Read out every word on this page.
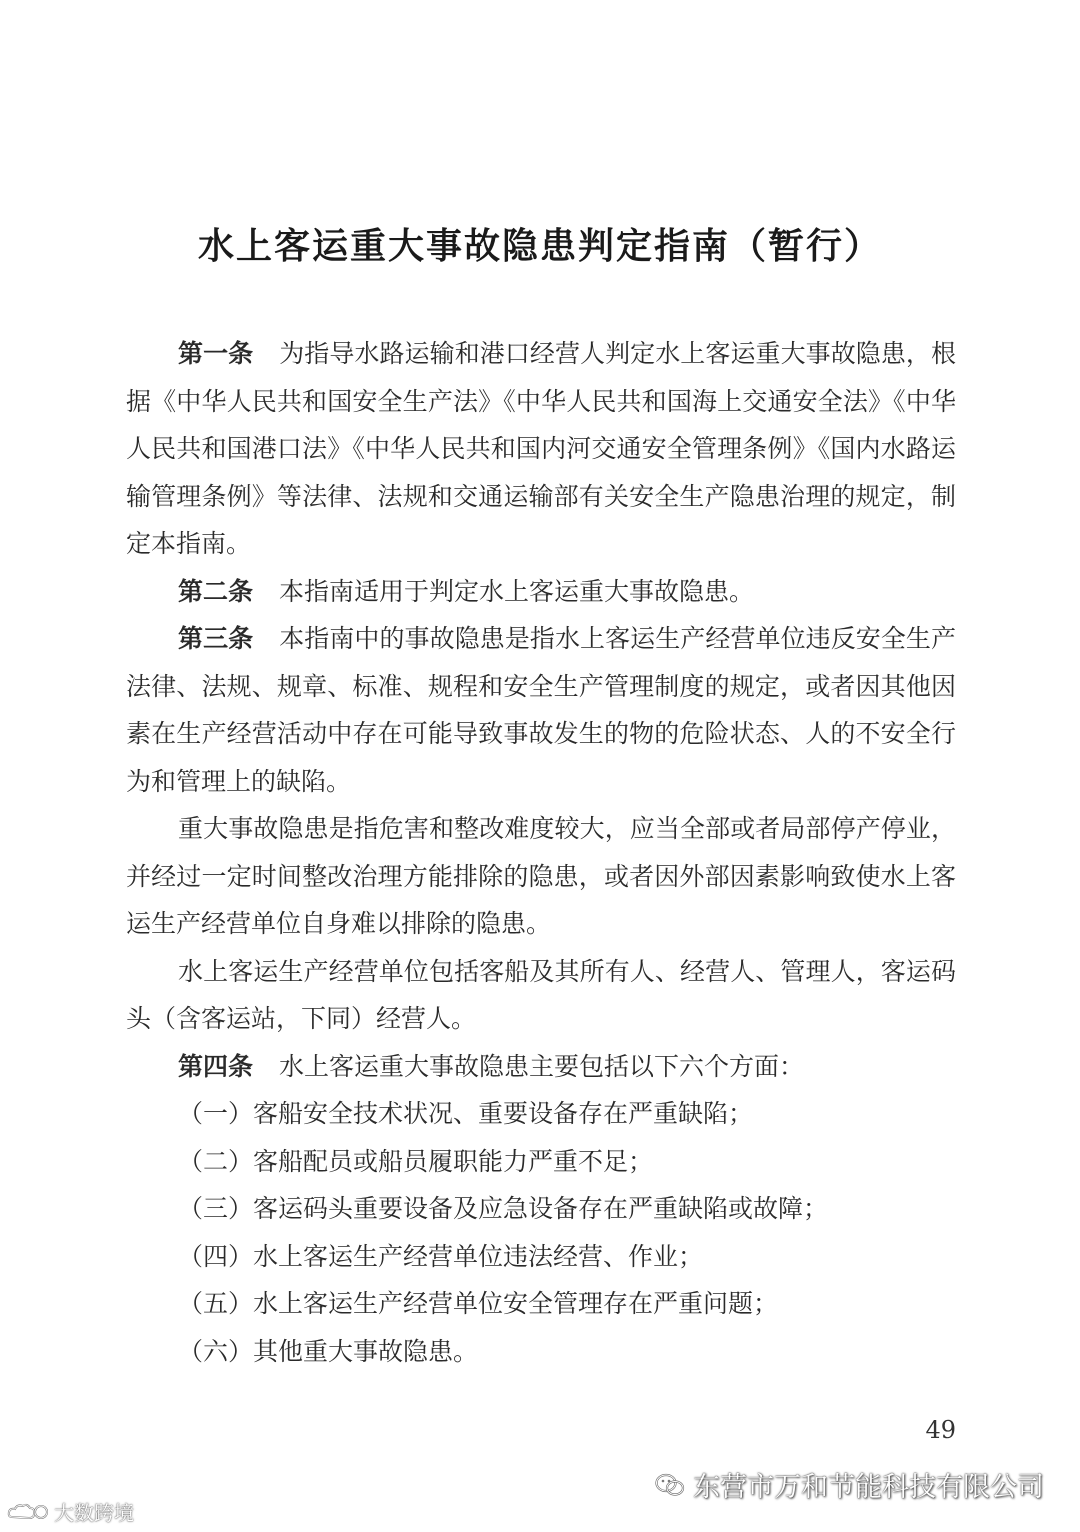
水上客运重大事故隐患判定指南（暂行）

第一条 为指导水路运输和港口经营人判定水上客运重大事故隐患，根据《中华人民共和国安全生产法》《中华人民共和国海上交通安全法》《中华人民共和国港口法》《中华人民共和国内河交通安全管理条例》《国内水路运输管理条例》等法律、法规和交通运输部有关安全生产隐患治理的规定，制定本指南。

第二条 本指南适用于判定水上客运重大事故隐患。

第三条 本指南中的事故隐患是指水上客运生产经营单位违反安全生产法律、法规、规章、标准、规程和安全生产管理制度的规定，或者因其他因素在生产经营活动中存在可能导致事故发生的物的危险状态、人的不安全行为和管理上的缺陷。

重大事故隐患是指危害和整改难度较大，应当全部或者局部停产停业，并经过一定时间整改治理方能排除的隐患，或者因外部因素影响致使水上客运生产经营单位自身难以排除的隐患。

水上客运生产经营单位包括客船及其所有人、经营人、管理人，客运码头（含客运站，下同）经营人。

第四条 水上客运重大事故隐患主要包括以下六个方面：

（一）客船安全技术状况、重要设备存在严重缺陷；

（二）客船配员或船员履职能力严重不足；

（三）客运码头重要设备及应急设备存在严重缺陷或故障；

（四）水上客运生产经营单位违法经营、作业；

（五）水上客运生产经营单位安全管理存在严重问题；

（六）其他重大事故隐患。

49
东营市万和节能科技有限公司
大数跨境
